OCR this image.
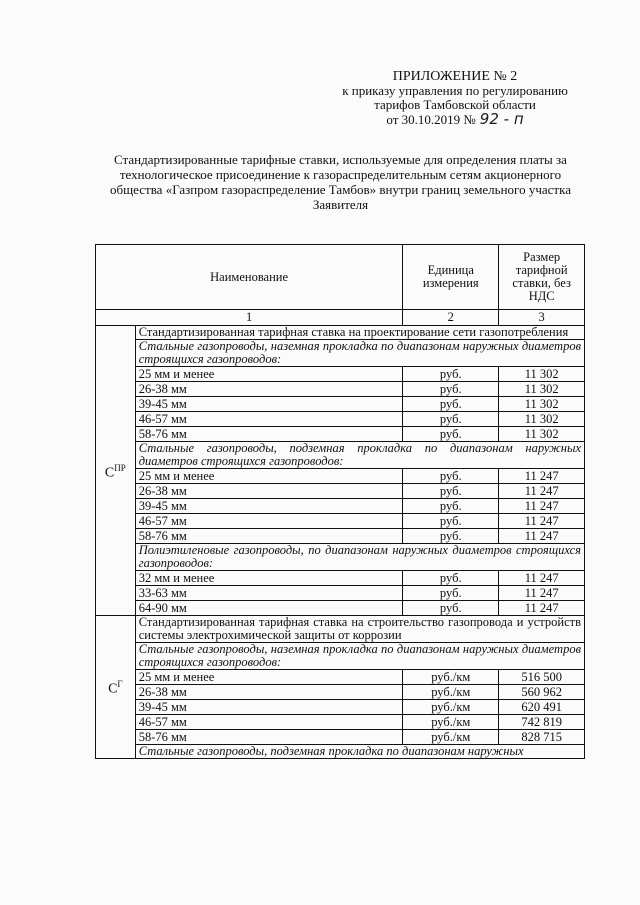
ПРИЛОЖЕНИЕ № 2
к приказу управления по регулированию
тарифов Тамбовской области
от 30.10.2019 № 92 - п
Стандартизированные тарифные ставки, используемые для определения платы за
технологическое присоединение к газораспределительным сетям акционерного
общества «Газпром газораспределение Тамбов» внутри границ земельного участка
Заявителя
Наименование		Единица измерения	Размер тарифной ставки, без НДС
1		2	3
$С^{ПР}$	Стандартизированная тарифная ставка на проектирование сети газопотребления		
	Стальные газопроводы, наземная прокладка по диапазонам наружных диаметров строящихся газопроводов:		
	25 мм и менее	руб.	11 302
	26-38 мм	руб.	11 302
	39-45 мм	руб.	11 302
	46-57 мм	руб.	11 302
	58-76 мм	руб.	11 302
	Стальные газопроводы, подземная прокладка по диапазонам наружных диаметров строящихся газопроводов:		
	25 мм и менее	руб.	11 247
	26-38 мм	руб.	11 247
	39-45 мм	руб.	11 247
	46-57 мм	руб.	11 247
	58-76 мм	руб.	11 247
	Полиэтиленовые газопроводы, по диапазонам наружных диаметров строящихся газопроводов:		
	32 мм и менее	руб.	11 247
	33-63 мм	руб.	11 247
	64-90 мм	руб.	11 247
$С^Г$	Стандартизированная тарифная ставка на строительство газопровода и устройств системы электрохимической защиты от коррозии		
	Стальные газопроводы, наземная прокладка по диапазонам наружных диаметров строящихся газопроводов:		
	25 мм и менее	руб./км	516 500
	26-38 мм	руб./км	560 962
	39-45 мм	руб./км	620 491
	46-57 мм	руб./км	742 819
	58-76 мм	руб./км	828 715
	Стальные газопроводы, подземная прокладка по диапазонам наружных		
